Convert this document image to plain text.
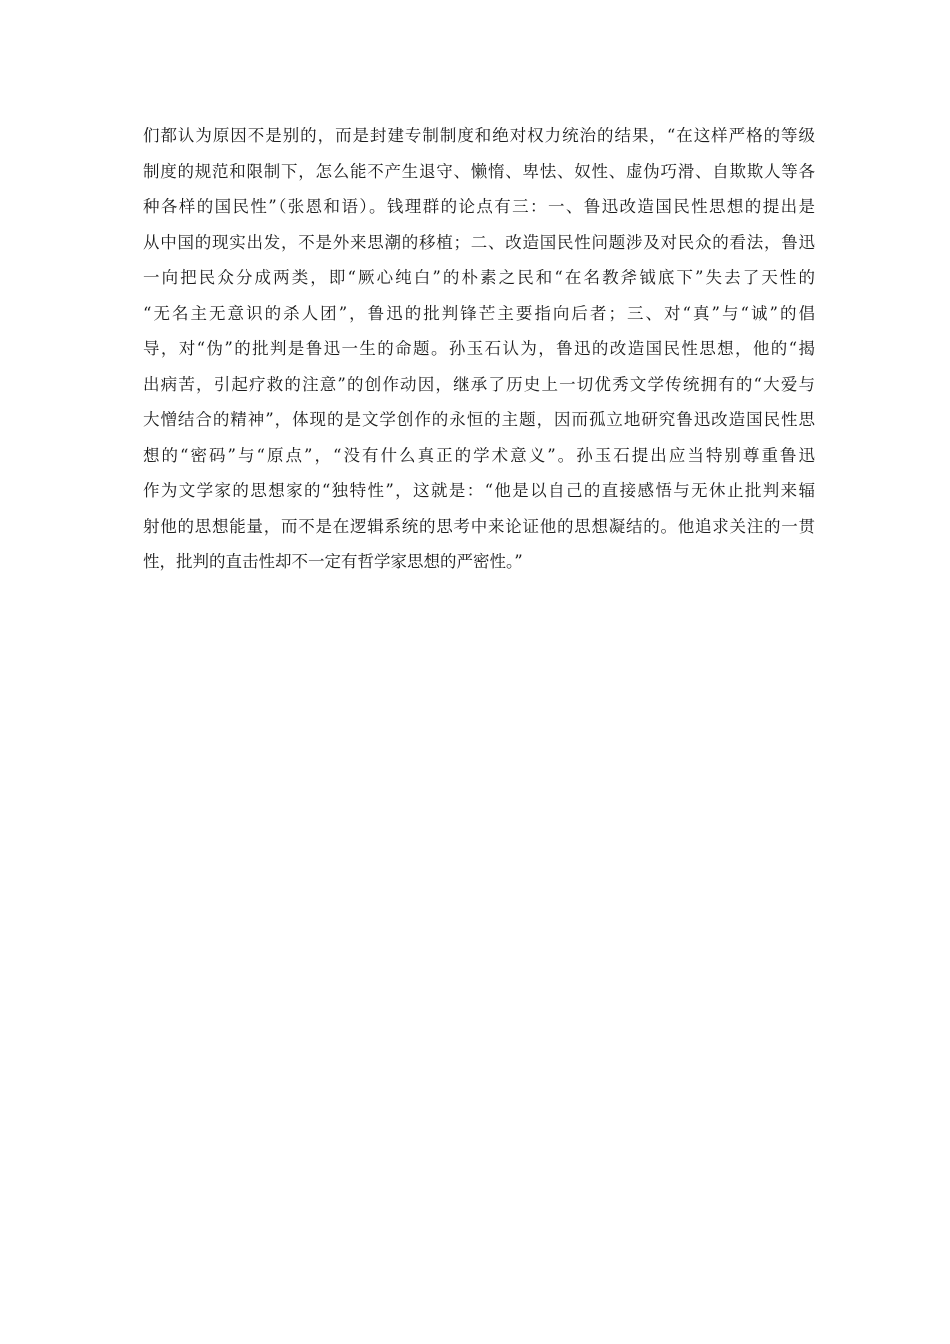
们都认为原因不是别的，而是封建专制制度和绝对权力统治的结果，“在这样严格的等级
制度的规范和限制下，怎么能不产生退守、懒惰、卑怯、奴性、虚伪巧滑、自欺欺人等各
种各样的国民性”（张恩和语）。钱理群的论点有三：一、鲁迅改造国民性思想的提出是
从中国的现实出发，不是外来思潮的移植；二、改造国民性问题涉及对民众的看法，鲁迅
一向把民众分成两类，即“厥心纯白”的朴素之民和“在名教斧钺底下”失去了天性的
“无名主无意识的杀人团”，鲁迅的批判锋芒主要指向后者；三、对“真”与“诚”的倡
导，对“伪”的批判是鲁迅一生的命题。孙玉石认为，鲁迅的改造国民性思想，他的“揭
出病苦，引起疗救的注意”的创作动因，继承了历史上一切优秀文学传统拥有的“大爱与
大憎结合的精神”，体现的是文学创作的永恒的主题，因而孤立地研究鲁迅改造国民性思
想的“密码”与“原点”，“没有什么真正的学术意义”。孙玉石提出应当特别尊重鲁迅
作为文学家的思想家的“独特性”，这就是：“他是以自己的直接感悟与无休止批判来辐
射他的思想能量，而不是在逻辑系统的思考中来论证他的思想凝结的。他追求关注的一贯
性，批判的直击性却不一定有哲学家思想的严密性。”
